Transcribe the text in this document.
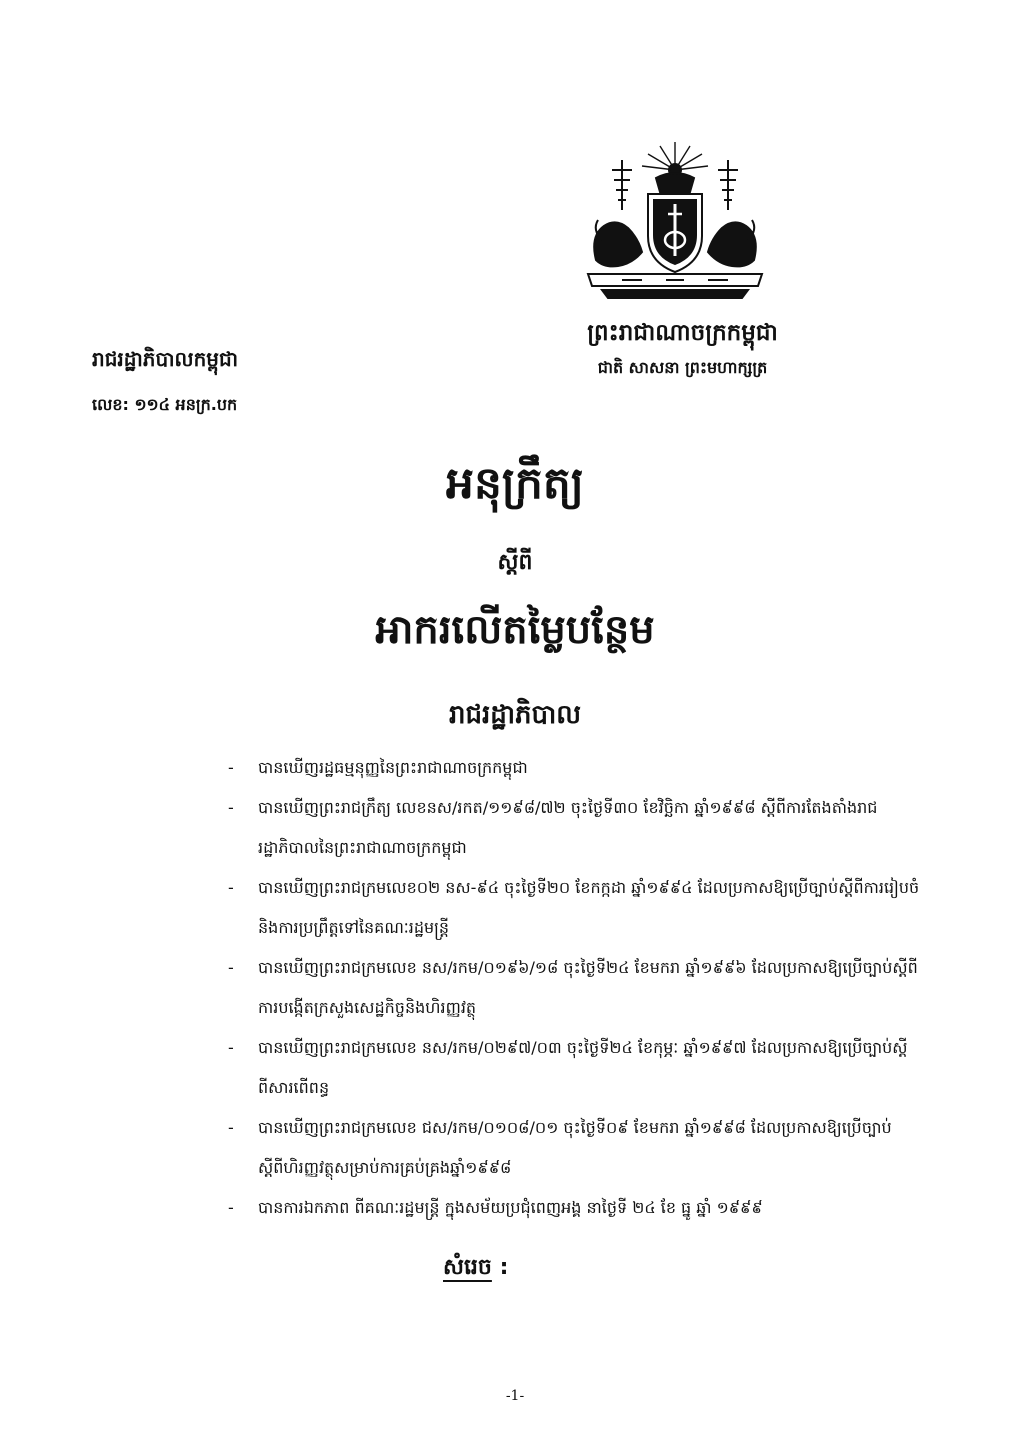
ព្រះរាជាណាចក្រកម្ពុជា
ជាតិ សាសនា ព្រះមហាក្សត្រ
រាជរដ្ឋាភិបាលកម្ពុជា
លេខ: ១១៤ អនក្រ.បក
អនុក្រឹត្យ
ស្តីពី
អាករលើតម្លៃបន្ថែម
រាជរដ្ឋាភិបាល
- បានឃើញរដ្ឋធម្មនុញ្ញនៃព្រះរាជាណាចក្រកម្ពុជា
- បានឃើញព្រះរាជក្រឹត្យ លេខនស/រកត/១១៩៨/៧២ ចុះថ្ងៃទី៣០ ខែវិច្ឆិកា ឆ្នាំ១៩៩៨ ស្តីពីការតែងតាំងរាជរដ្ឋាភិបាលនៃព្រះរាជាណាចក្រកម្ពុជា
- បានឃើញព្រះរាជក្រមលេខ០២ នស-៩៤ ចុះថ្ងៃទី២០ ខែកក្កដា ឆ្នាំ១៩៩៤ ដែលប្រកាសឱ្យប្រើច្បាប់ស្តីពីការរៀបចំនិងការប្រព្រឹត្តទៅនៃគណៈរដ្ឋមន្ត្រី
- បានឃើញព្រះរាជក្រមលេខ នស/រកម/០១៩៦/១៨ ចុះថ្ងៃទី២៤ ខែមករា ឆ្នាំ១៩៩៦ ដែលប្រកាសឱ្យប្រើច្បាប់ស្តីពីការបង្កើតក្រសួងសេដ្ឋកិច្ចនិងហិរញ្ញវត្ថុ
- បានឃើញព្រះរាជក្រមលេខ នស/រកម/០២៩៧/០៣ ចុះថ្ងៃទី២៤ ខែកុម្ភៈ ឆ្នាំ១៩៩៧ ដែលប្រកាសឱ្យប្រើច្បាប់ស្តីពីសារពើពន្ធ
- បានឃើញព្រះរាជក្រមលេខ ជស/រកម/០១០៨/០១ ចុះថ្ងៃទី០៩ ខែមករា ឆ្នាំ១៩៩៨ ដែលប្រកាសឱ្យប្រើច្បាប់ស្តីពីហិរញ្ញវត្ថុសម្រាប់ការគ្រប់គ្រងឆ្នាំ១៩៩៨
- បានការឯកភាព ពីគណៈរដ្ឋមន្ត្រី ក្នុងសម័យប្រជុំពេញអង្គ នាថ្ងៃទី ២៤ ខែ ធ្នូ ឆ្នាំ ១៩៩៩
សំរេច :
-1-
